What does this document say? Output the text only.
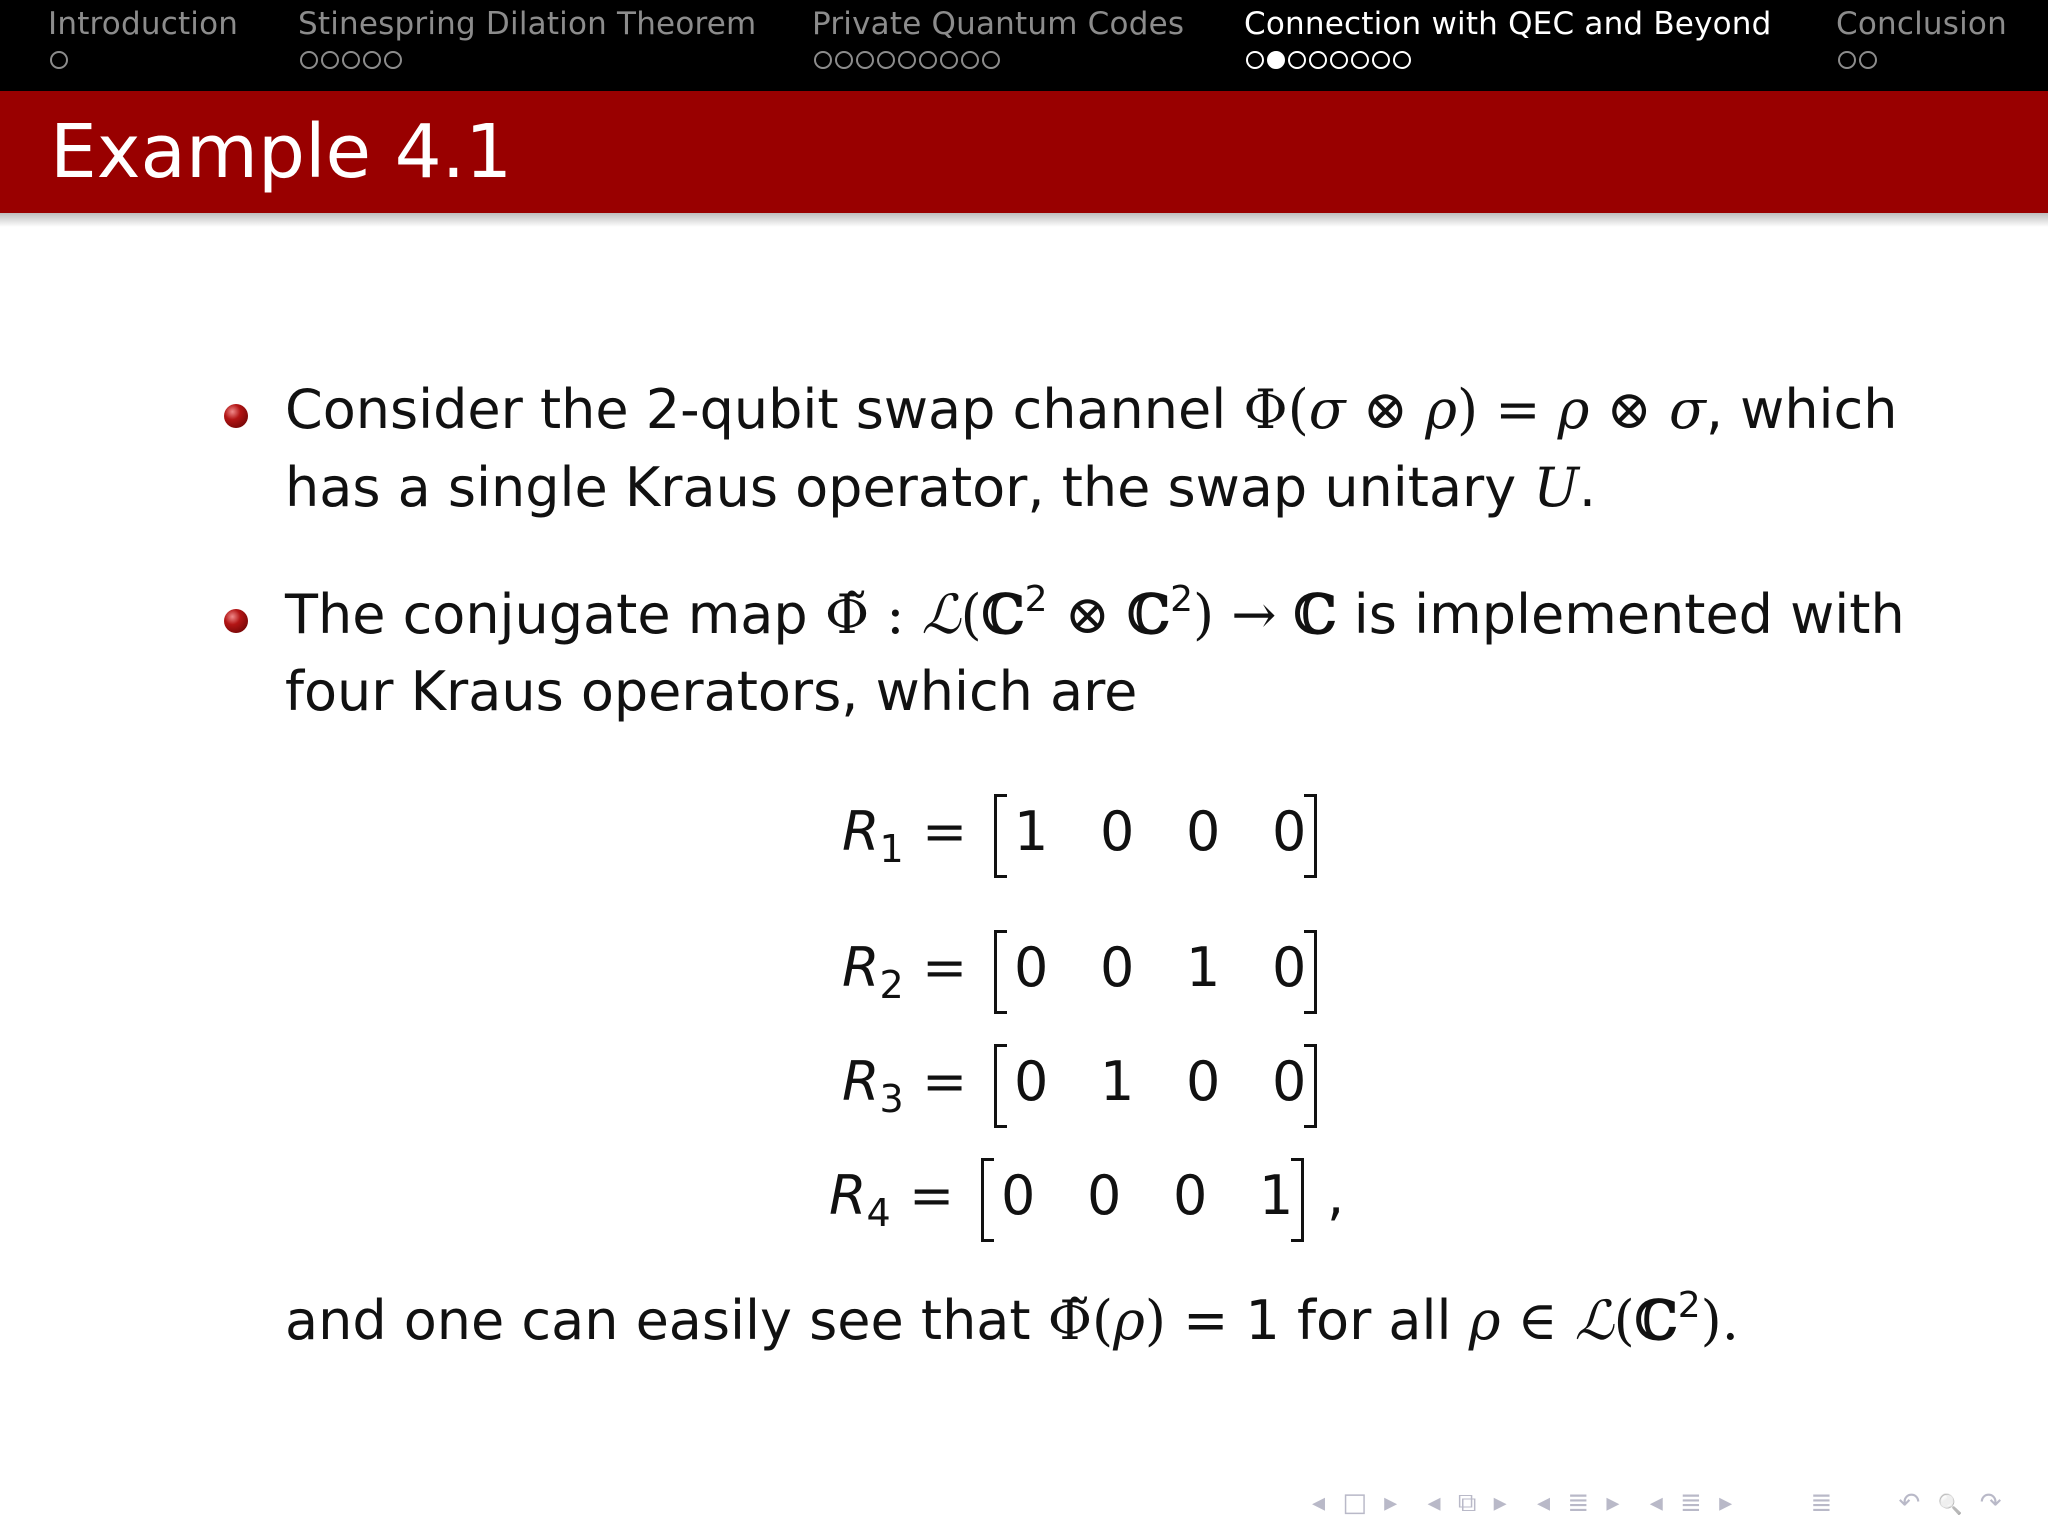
Introduction Stinespring Dilation Theorem Private Quantum Codes Connection with QEC and Beyond Conclusion
Example 4.1
Consider the 2-qubit swap channel Φ(σ ⊗ ρ) = ρ ⊗ σ, which
has a single Kraus operator, the swap unitary U.
The conjugate map Φ̃ : ℒ(ℂ$^2$ ⊗ ℂ$^2$) → ℂ is implemented with
four Kraus operators, which are
$R_1 = 1$ 0 0 0
$R_2 = 0$ 0 1 0
$R_3 = 0$ 1 0 0
$R_4 = 0$ 0 0 1 ,
and one can easily see that Φ̃(ρ) = 1 for all ρ ∈ ℒ(ℂ$^2$).
◂ □ ▸ ◂ ⧉ ▸ ◂ ≣ ▸ ◂ ≣ ▸	≣	↶ 🔍 ↷
